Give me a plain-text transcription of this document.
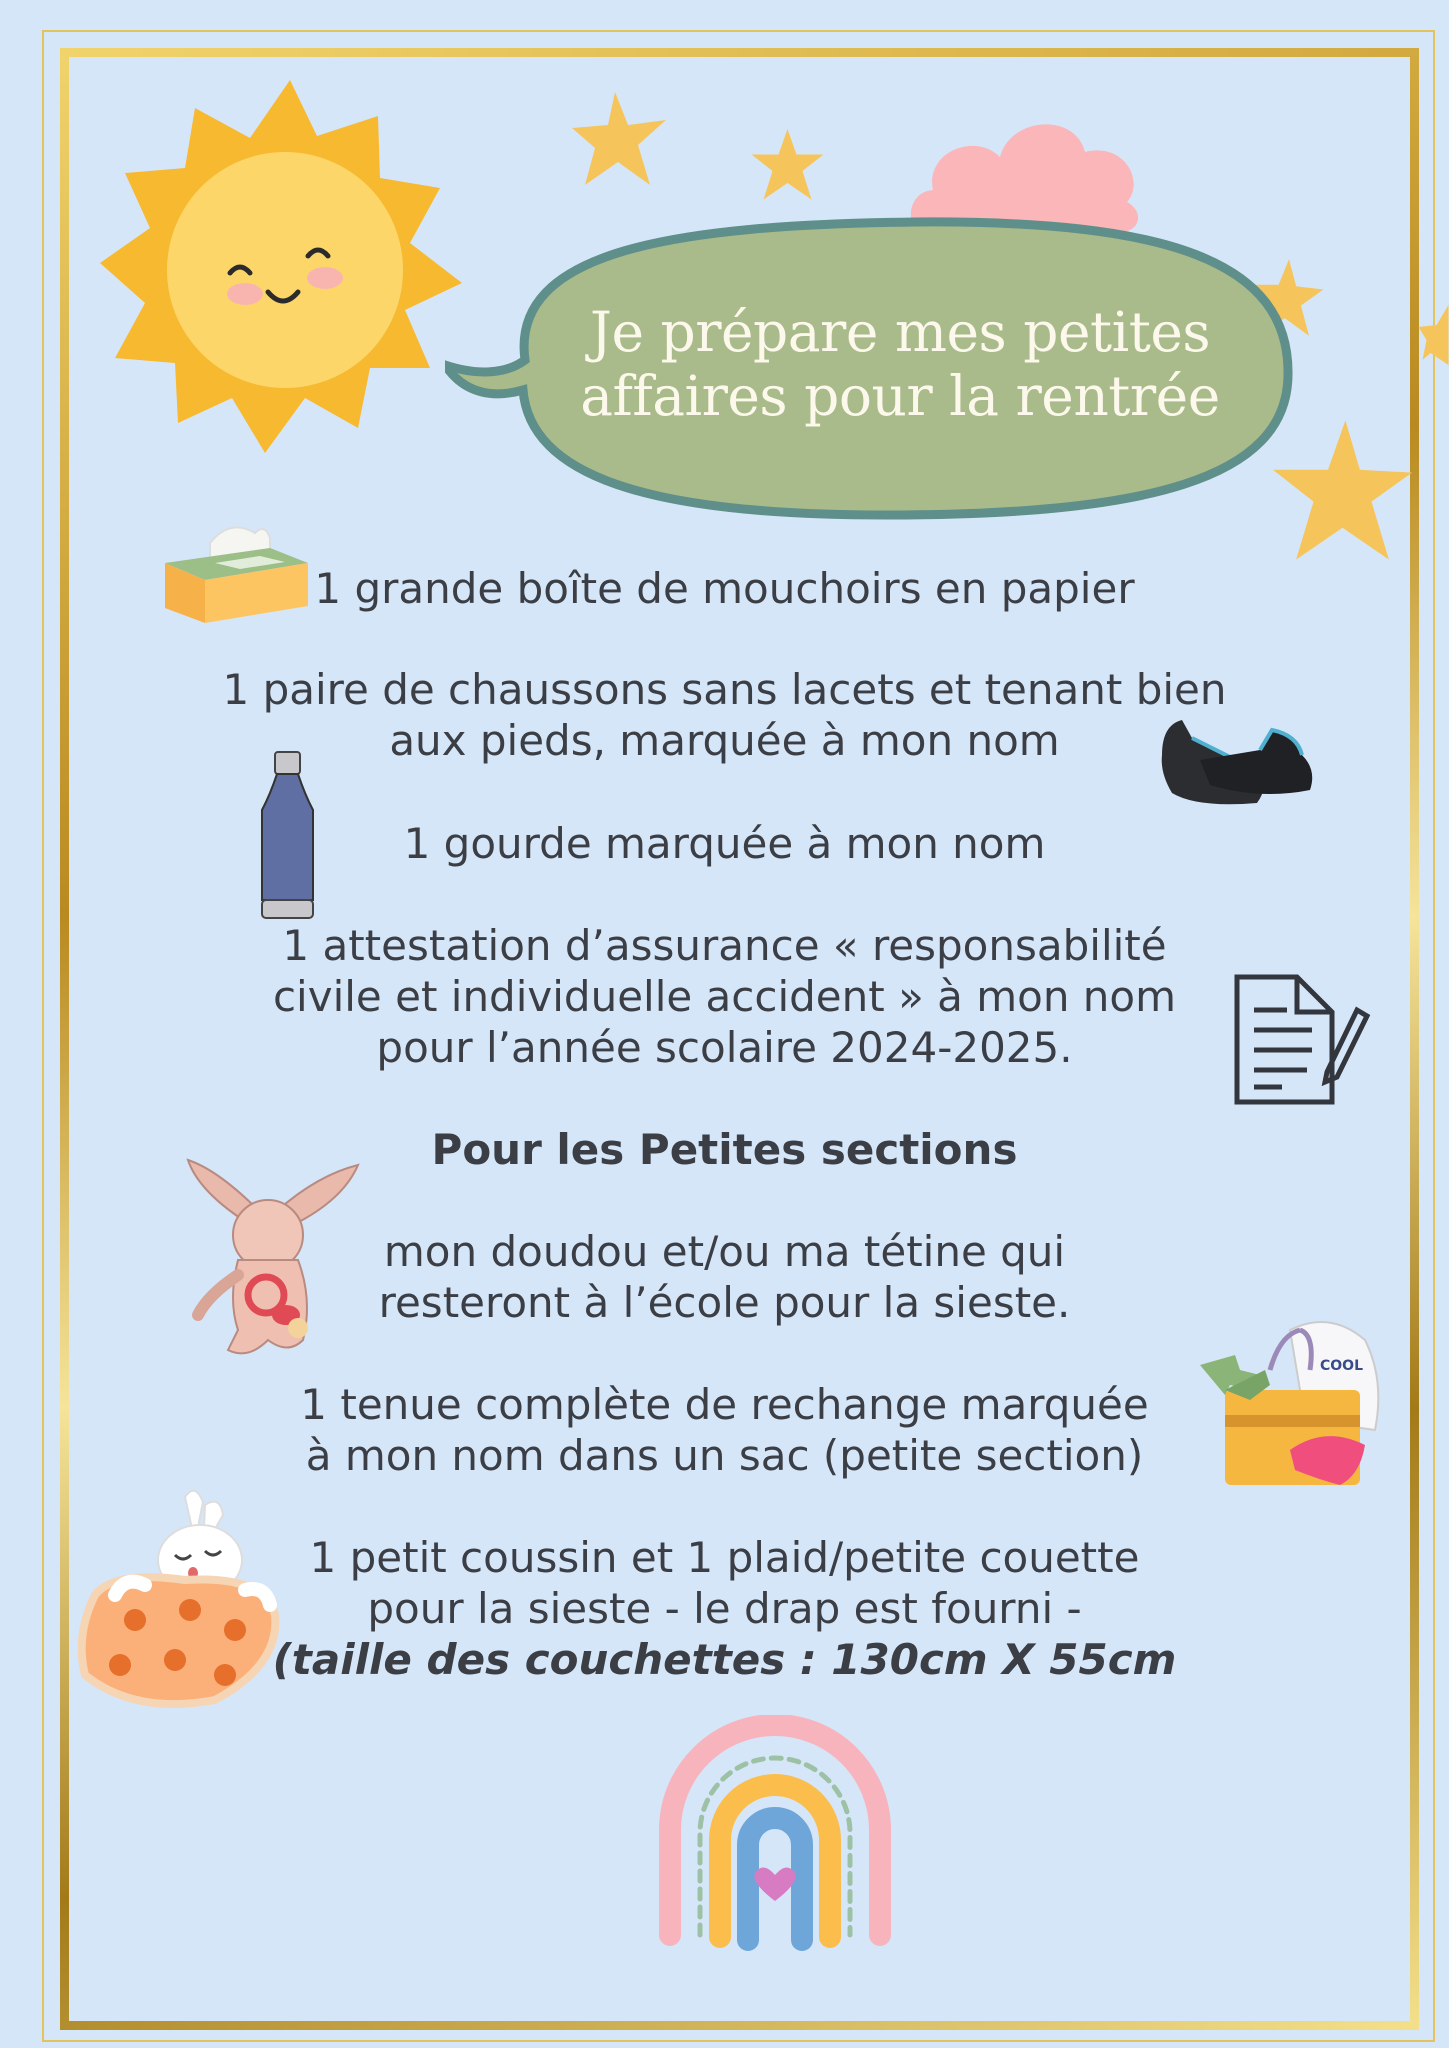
Je prépare mes petites
affaires pour la rentrée
1 grande boîte de mouchoirs en papier
1 paire de chaussons sans lacets et tenant bien
aux pieds, marquée à mon nom
1 gourde marquée à mon nom
1 attestation d’assurance « responsabilité
civile et individuelle accident » à mon nom
pour l’année scolaire 2024-2025.
Pour les Petites sections
mon doudou et/ou ma tétine qui
resteront à l’école pour la sieste.
COOL
1 tenue complète de rechange marquée
à mon nom dans un sac (petite section)
1 petit coussin et 1 plaid/petite couette
pour la sieste - le drap est fourni -
(taille des couchettes : 130cm X 55cm
